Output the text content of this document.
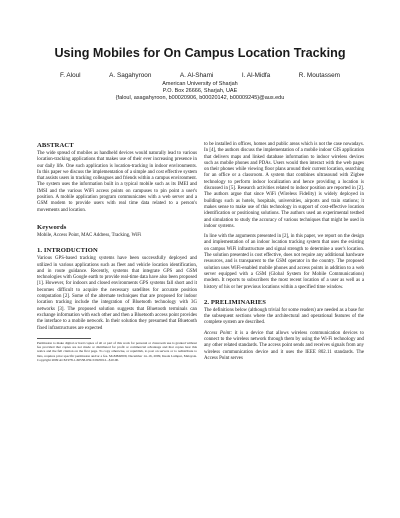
Using Mobiles for On Campus Location Tracking
F. Aloul	A. Sagahyroon	A. Al-Shami	I. Al-Midfa	R. Moutassem
American University of Sharjah
P.O. Box 26666, Sharjah, UAE
{faloul, asagahyroon, b00020906, b00020142, b00009245}@aus.edu
ABSTRACT

The wide spread of mobiles as handheld devices would naturally lead to various location-tracking applications that makes use of their ever increasing presence in our daily life. One such application is location-tracking in indoor environments. In this paper we discuss the implementation of a simple and cost effective system that assists users in tracking colleagues and friends within a campus environment. The system uses the information built in a typical mobile such as its IMEI and IMSI and the various WiFi access points on campuses to pin point a user's position. A mobile application program communicates with a web server and a GSM modem to provide users with real time data related to a person's movements and location.

Keywords

Mobile, Access Point, MAC Address, Tracking, WiFi

1. INTRODUCTION

Various GPS-based tracking systems have been successfully deployed and utilized in various applications such as fleet and vehicle location identification, and in route guidance. Recently, systems that integrate GPS and GSM technologies with Google earth to provide real-time data have also been proposed [1]. However, for indoors and closed environments GPS systems fall short and it becomes difficult to acquire the necessary satellites for accurate position computation [2]. Some of the alternate techniques that are proposed for indoor location tracking include the integration of Bluetooth technology with 3G networks [3]. The proposed solution suggests that Bluetooth terminals can exchange information with each other and then a Bluetooth access point provides the interface to a mobile network. In their solution they presumed that Bluetooth fixed infrastructures are expected

Permission to make digital or hard copies of all or part of this work for personal or classroom use is granted without fee provided that copies are not made or distributed for profit or commercial advantage and that copies bear this notice and the full citation on the first page. To copy otherwise, or republish, to post on servers or to redistribute to lists, requires prior specific permission and/or a fee. MoMM2009, December 14–16, 2009, Kuala Lumpur, Malaysia. Copyright 2009 ACM 978-1-60558-659-5/09/0012...$10.00.

to be installed in offices, homes and public areas which is not the case nowadays. In [4], the authors discuss the implementation of a mobile indoor GIS application that delivers maps and linked database information to indoor wireless devices such as mobile phones and PDAs. Users would then interact with the web pages on their phones while viewing floor plans around their current location, searching for an office or a classroom. A system that combines ultrasound with Zigbee technology to perform indoor localization and hence providing a location is discussed in [5]. Research activities related to indoor position are reported in [2]. The authors argue that since WiFi (Wireless Fidelity) is widely deployed in buildings such as hotels, hospitals, universities, airports and train stations; it makes sense to make use of this technology in support of cost-effective location identification or positioning solutions. The authors used an experimental testbed and simulation to study the accuracy of various techniques that might be used in indoor systems.

In line with the arguments presented in [2], in this paper, we report on the design and implementation of an indoor location tracking system that uses the existing on campus WiFi infrastructure and signal strength to determine a user's location. The solution presented is cost effective, does not require any additional hardware resources, and is transparent to the GSM operator in the country. The proposed solution uses WiFi-enabled mobile phones and access points in addition to a web server equipped with a GSM (Global System for Mobile Communications) modem. It reports to subscribers the most recent location of a user as well as a history of his or her previous locations within a specified time window.

2. PRELIMINARIES

The definitions below (although trivial for some readers) are needed as a base for the subsequent sections where the architectural and operational features of the complete system are described.

Access Point: it is a device that allows wireless communication devices to connect to the wireless network through them by using the Wi-Fi technology and any other related standards. The access point sends and receives signals from any wireless communication device and it uses the IEEE 802.11 standards. The Access Point serves
